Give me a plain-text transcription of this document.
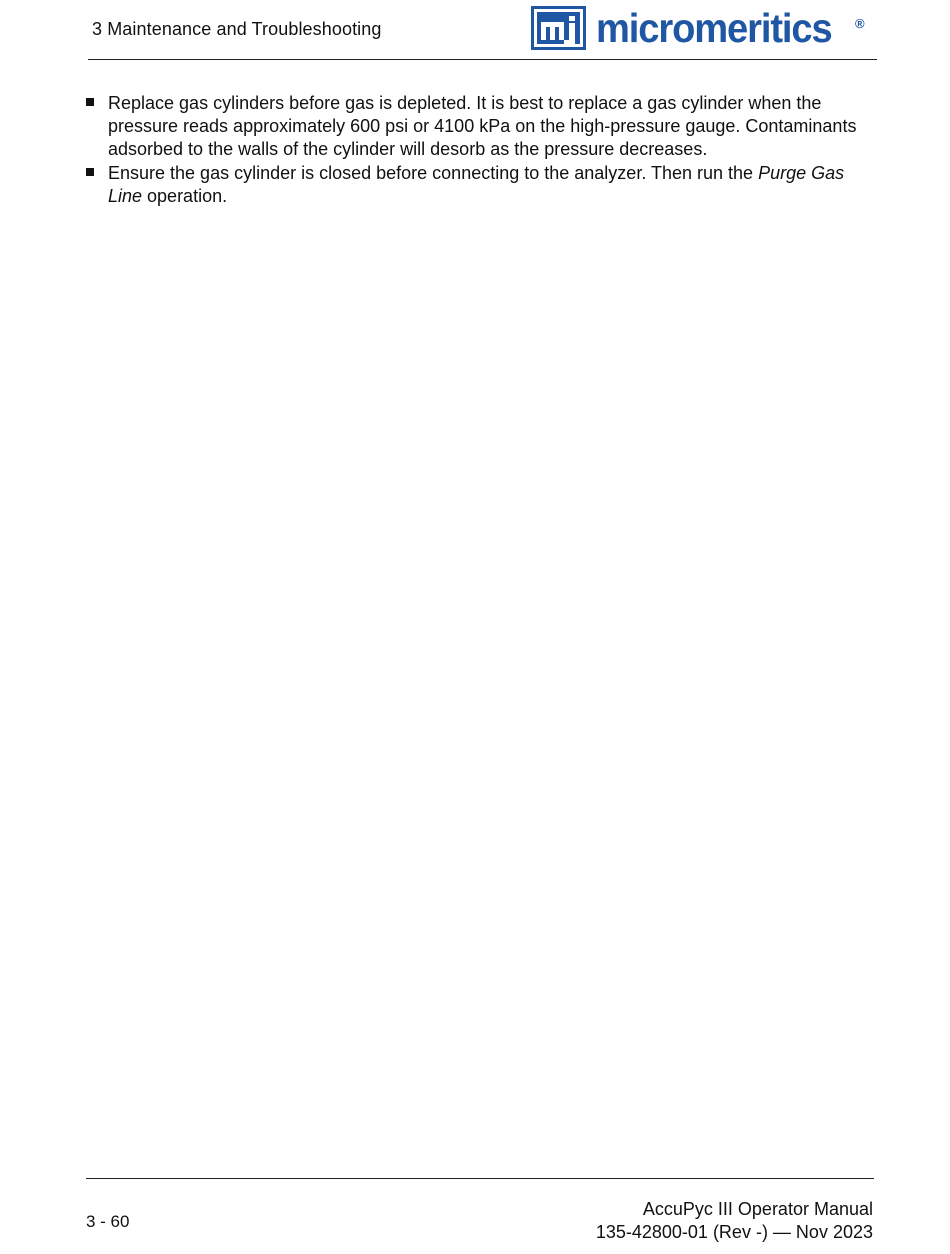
3 Maintenance and Troubleshooting	micromeritics ®
Replace gas cylinders before gas is depleted. It is best to replace a gas cylinder when the pressure reads approximately 600 psi or 4100 kPa on the high-pressure gauge. Contaminants adsorbed to the walls of the cylinder will desorb as the pressure decreases.
Ensure the gas cylinder is closed before connecting to the analyzer. Then run the Purge Gas Line operation.
3 - 60
AccuPyc III Operator Manual
135-42800-01 (Rev -) — Nov 2023
